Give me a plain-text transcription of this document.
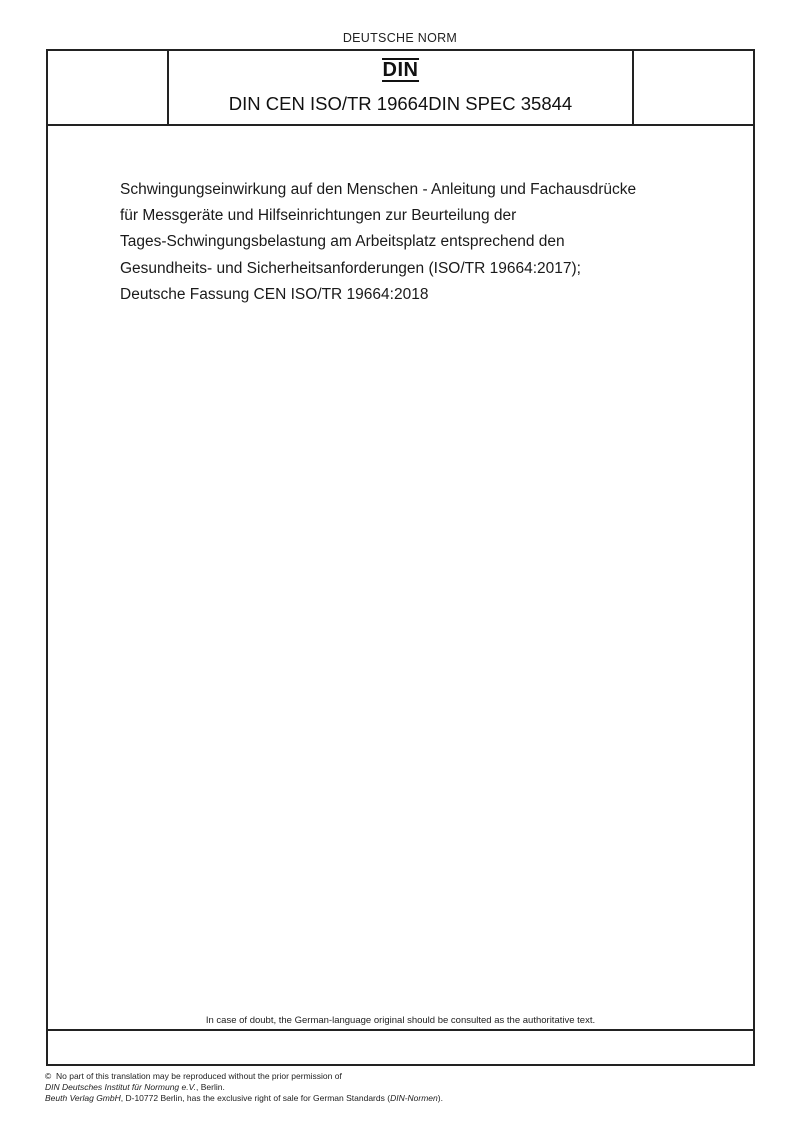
DEUTSCHE NORM
DIN
DIN CEN ISO/TR 19664DIN SPEC 35844
Schwingungseinwirkung auf den Menschen - Anleitung und Fachausdrücke
für Messgeräte und Hilfseinrichtungen zur Beurteilung der
Tages-Schwingungsbelastung am Arbeitsplatz entsprechend den
Gesundheits- und Sicherheitsanforderungen (ISO/TR 19664:2017);
Deutsche Fassung CEN ISO/TR 19664:2018
In case of doubt, the German-language original should be consulted as the authoritative text.
© No part of this translation may be reproduced without the prior permission of
DIN Deutsches Institut für Normung e.V., Berlin.
Beuth Verlag GmbH, D-10772 Berlin, has the exclusive right of sale for German Standards (DIN-Normen).
